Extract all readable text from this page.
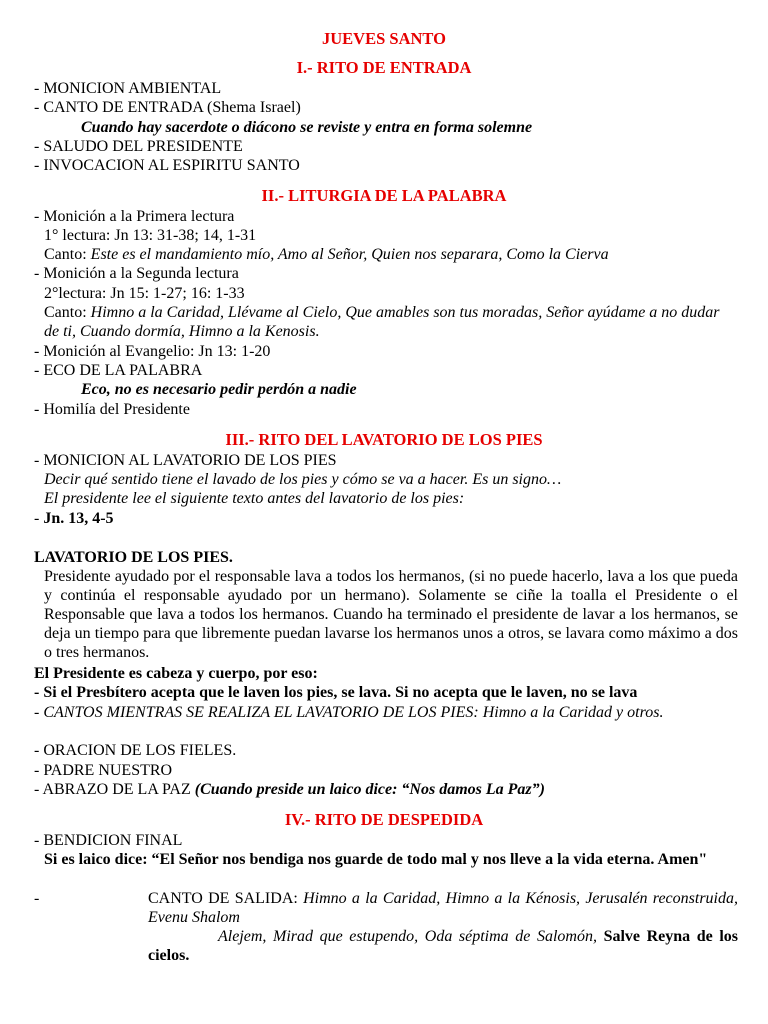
JUEVES SANTO
I.- RITO DE ENTRADA
- MONICION AMBIENTAL
- CANTO DE ENTRADA (Shema Israel)
Cuando hay sacerdote o diácono se reviste y entra en forma solemne
- SALUDO DEL PRESIDENTE
- INVOCACION AL ESPIRITU SANTO
II.- LITURGIA DE LA PALABRA
- Monición a la Primera lectura
1° lectura: Jn 13: 31-38; 14, 1-31
Canto: Este es el mandamiento mío, Amo al Señor, Quien nos separara, Como la Cierva
- Monición a la Segunda lectura
2°lectura: Jn 15: 1-27; 16: 1-33
Canto: Himno a la Caridad, Llévame al Cielo, Que amables son tus moradas, Señor ayúdame a no dudar
de ti, Cuando dormía, Himno a la Kenosis.
- Monición al Evangelio: Jn 13: 1-20
- ECO DE LA PALABRA
Eco, no es necesario pedir perdón a nadie
- Homilía del Presidente
III.- RITO DEL LAVATORIO DE LOS PIES
- MONICION AL LAVATORIO DE LOS PIES
Decir qué sentido tiene el lavado de los pies y cómo se va a hacer. Es un signo…
El presidente lee el siguiente texto antes del lavatorio de los pies:
- Jn. 13, 4-5
LAVATORIO DE LOS PIES.
Presidente ayudado por el responsable lava a todos los hermanos, (si no puede hacerlo, lava a los que pueda y continúa el responsable ayudado por un hermano). Solamente se ciñe la toalla el Presidente o el Responsable que lava a todos los hermanos. Cuando ha terminado el presidente de lavar a los hermanos, se deja un tiempo para que libremente puedan lavarse los hermanos unos a otros, se lavara como máximo a dos o tres hermanos.
El Presidente es cabeza y cuerpo, por eso:
- Si el Presbítero acepta que le laven los pies, se lava. Si no acepta que le laven, no se lava
- CANTOS MIENTRAS SE REALIZA EL LAVATORIO DE LOS PIES: Himno a la Caridad y otros.
- ORACION DE LOS FIELES.
- PADRE NUESTRO
- ABRAZO DE LA PAZ (Cuando preside un laico dice: “Nos damos La Paz”)
IV.- RITO DE DESPEDIDA
- BENDICION FINAL
Si es laico dice: “El Señor nos bendiga nos guarde de todo mal y nos lleve a la vida eterna. Amen"
-	CANTO DE SALIDA: Himno a la Caridad, Himno a la Kénosis, Jerusalén reconstruida, Evenu Shalom
Alejem, Mirad que estupendo, Oda séptima de Salomón, Salve Reyna de los cielos.
